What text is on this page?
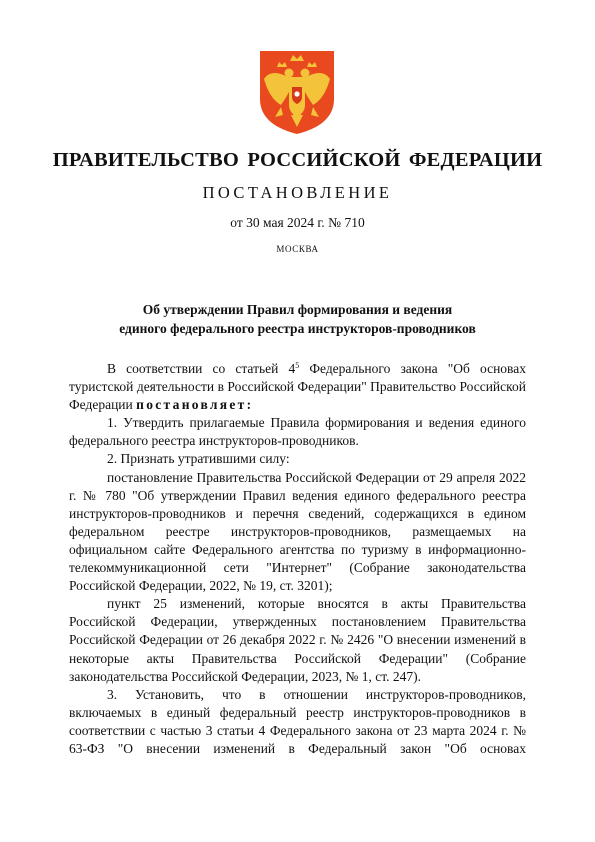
ПРАВИТЕЛЬСТВО РОССИЙСКОЙ ФЕДЕРАЦИИ
ПОСТАНОВЛЕНИЕ
от 30 мая 2024 г. № 710
МОСКВА
Об утверждении Правил формирования и ведения
единого федерального реестра инструкторов-проводников

В соответствии со статьей $4^5$ Федерального закона "Об основах туристской деятельности в Российской Федерации" Правительство Российской Федерации постановляет:

1. Утвердить прилагаемые Правила формирования и ведения единого федерального реестра инструкторов-проводников.

2. Признать утратившими силу:

постановление Правительства Российской Федерации от 29 апреля 2022 г. № 780 "Об утверждении Правил ведения единого федерального реестра инструкторов-проводников и перечня сведений, содержащихся в едином федеральном реестре инструкторов-проводников, размещаемых на официальном сайте Федерального агентства по туризму в информационно-телекоммуникационной сети "Интернет" (Собрание законодательства Российской Федерации, 2022, № 19, ст. 3201);

пункт 25 изменений, которые вносятся в акты Правительства Российской Федерации, утвержденных постановлением Правительства Российской Федерации от 26 декабря 2022 г. № 2426 "О внесении изменений в некоторые акты Правительства Российской Федерации" (Собрание законодательства Российской Федерации, 2023, № 1, ст. 247).

3. Установить, что в отношении инструкторов-проводников, включаемых в единый федеральный реестр инструкторов-проводников в соответствии с частью 3 статьи 4 Федерального закона от 23 марта 2024 г. № 63-ФЗ "О внесении изменений в Федеральный закон "Об основах
